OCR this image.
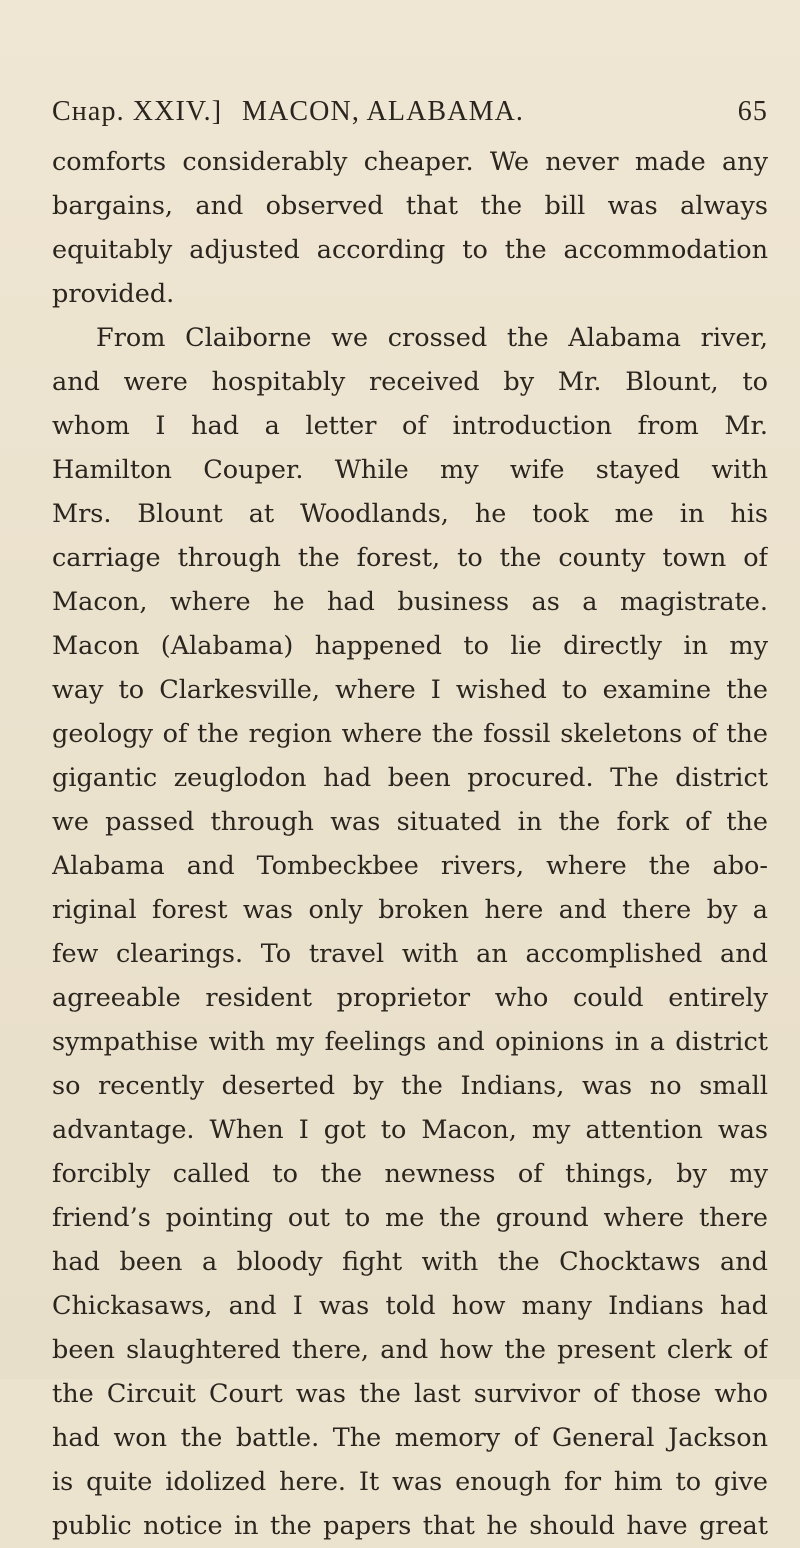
Cнар. XXIV.] MACON, ALABAMA.	65
comforts considerably cheaper. We never made any
bargains, and observed that the bill was always
equitably adjusted according to the accommodation
provided.
From Claiborne we crossed the Alabama river,
and were hospitably received by Mr. Blount, to
whom I had a letter of introduction from Mr.
Hamilton Couper. While my wife stayed with
Mrs. Blount at Woodlands, he took me in his
carriage through the forest, to the county town of
Macon, where he had business as a magistrate.
Macon (Alabama) happened to lie directly in my
way to Clarkesville, where I wished to examine the
geology of the region where the fossil skeletons of the
gigantic zeuglodon had been procured. The district
we passed through was situated in the fork of the
Alabama and Tombeckbee rivers, where the abo-
riginal forest was only broken here and there by a
few clearings. To travel with an accomplished and
agreeable resident proprietor who could entirely
sympathise with my feelings and opinions in a district
so recently deserted by the Indians, was no small
advantage. When I got to Macon, my attention was
forcibly called to the newness of things, by my
friend’s pointing out to me the ground where there
had been a bloody fight with the Chocktaws and
Chickasaws, and I was told how many Indians had
been slaughtered there, and how the present clerk of
the Circuit Court was the last survivor of those who
had won the battle. The memory of General Jackson
is quite idolized here. It was enough for him to give
public notice in the papers that he should have great
